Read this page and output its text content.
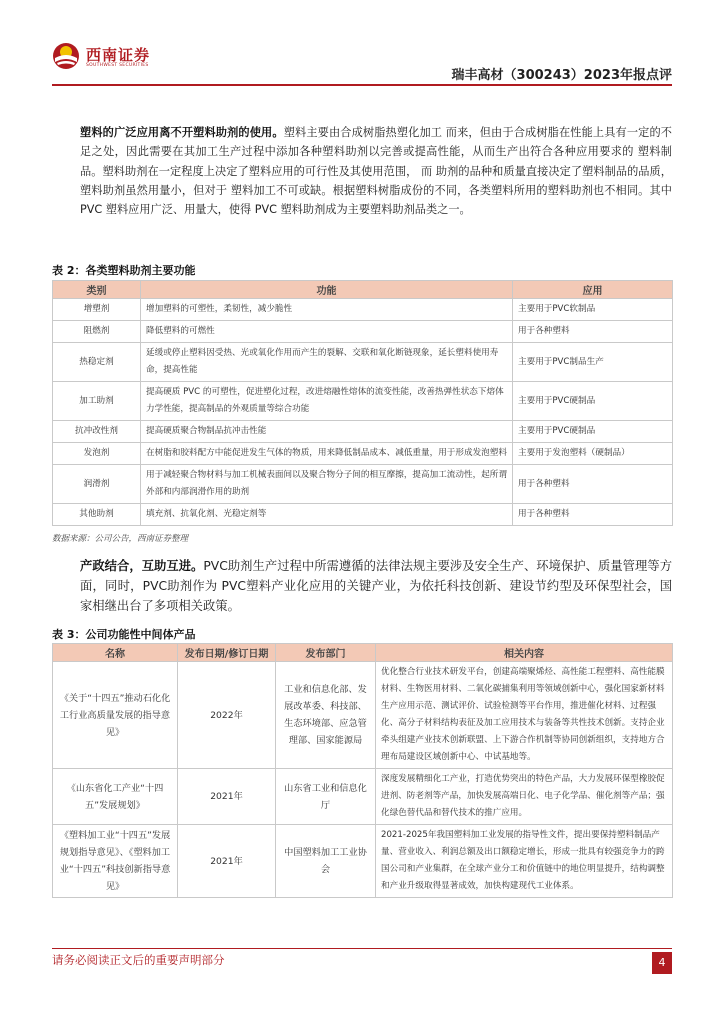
西南证券
SOUTHWEST SECURITIES
瑞丰高材（300243）2023年报点评

塑料的广泛应用离不开塑料助剂的使用。塑料主要由合成树脂热塑化加工 而来，但由于合成树脂在性能上具有一定的不足之处，因此需要在其加工生产过程中添加各种塑料助剂以完善或提高性能，从而生产出符合各种应用要求的 塑料制品。塑料助剂在一定程度上决定了塑料应用的可行性及其使用范围， 而 助剂的品种和质量直接决定了塑料制品的品质，塑料助剂虽然用量小，但对于 塑料加工不可或缺。根据塑料树脂成份的不同，各类塑料所用的塑料助剂也不相同。其中 PVC 塑料应用广泛、用量大，使得 PVC 塑料助剂成为主要塑料助剂品类之一。

表 2：各类塑料助剂主要功能
类别	功能	应用
增塑剂	增加塑料的可塑性，柔韧性，减少脆性	主要用于PVC软制品
阻燃剂	降低塑料的可燃性	用于各种塑料
热稳定剂	延缓或停止塑料因受热、光或氧化作用而产生的裂解、交联和氧化断链现象，延长塑料使用寿命，提高性能	主要用于PVC制品生产
加工助剂	提高硬质 PVC 的可塑性，促进塑化过程，改进熔融性熔体的流变性能，改善热弹性状态下熔体力学性能，提高制品的外观质量等综合功能	主要用于PVC硬制品
抗冲改性剂	提高硬质聚合物制品抗冲击性能	主要用于PVC硬制品
发泡剂	在树脂和胶料配方中能促进发生气体的物质，用来降低制品成本、减低重量，用于形成发泡塑料	主要用于发泡塑料（硬制品）
润滑剂	用于减轻聚合物材料与加工机械表面间以及聚合物分子间的相互摩擦，提高加工流动性，起所谓外部和内部润滑作用的助剂	用于各种塑料
其他助剂	填充剂、抗氧化剂、光稳定剂等	用于各种塑料
数据来源：公司公告，西南证券整理

产政结合，互助互进。PVC助剂生产过程中所需遵循的法律法规主要涉及安全生产、环境保护、质量管理等方面，同时，PVC助剂作为 PVC塑料产业化应用的关键产业，为依托科技创新、建设节约型及环保型社会，国家相继出台了多项相关政策。

表 3：公司功能性中间体产品
名称	发布日期/修订日期	发布部门	相关内容
《关于“十四五”推动石化化工行业高质量发展的指导意见》	2022年	工业和信息化部、发展改革委、科技部、生态环境部、应急管理部、国家能源局	优化整合行业技术研发平台，创建高端聚烯烃、高性能工程塑料、高性能膜材料、生物医用材料、二氧化碳捕集利用等领域创新中心，强化国家新材料生产应用示范、测试评价、试验检测等平台作用，推进催化材料、过程强化、高分子材料结构表征及加工应用技术与装备等共性技术创新。支持企业牵头组建产业技术创新联盟、上下游合作机制等协同创新组织，支持地方合理布局建设区域创新中心、中试基地等。
《山东省化工产业“十四五”发展规划》	2021年	山东省工业和信息化厅	深度发展精细化工产业，打造优势突出的特色产品，大力发展环保型橡胶促进剂、防老剂等产品，加快发展高端日化、电子化学品、催化剂等产品；强化绿色替代品和替代技术的推广应用。
《塑料加工业“十四五”发展规划指导意见》、《塑料加工业“十四五”科技创新指导意见》	2021年	中国塑料加工工业协会	2021-2025年我国塑料加工业发展的指导性文件，提出要保持塑料制品产量、营业收入、利润总额及出口额稳定增长，形成一批具有较强竞争力的跨国公司和产业集群，在全球产业分工和价值链中的地位明显提升，结构调整和产业升级取得显著成效，加快构建现代工业体系。
请务必阅读正文后的重要声明部分	4
